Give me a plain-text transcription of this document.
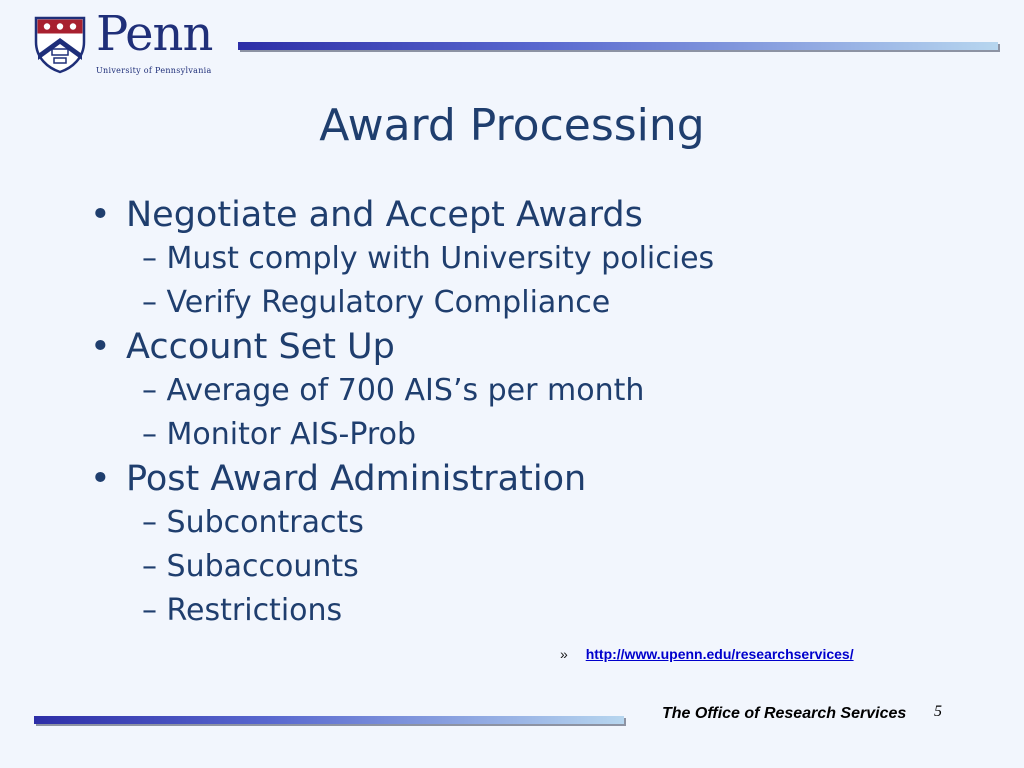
Penn
University of Pennsylvania
Award Processing
• Negotiate and Accept Awards
– Must comply with University policies
– Verify Regulatory Compliance
• Account Set Up
– Average of 700 AIS’s per month
– Monitor AIS-Prob
• Post Award Administration
– Subcontracts
– Subaccounts
– Restrictions
» http://www.upenn.edu/researchservices/
The Office of Research Services 5
